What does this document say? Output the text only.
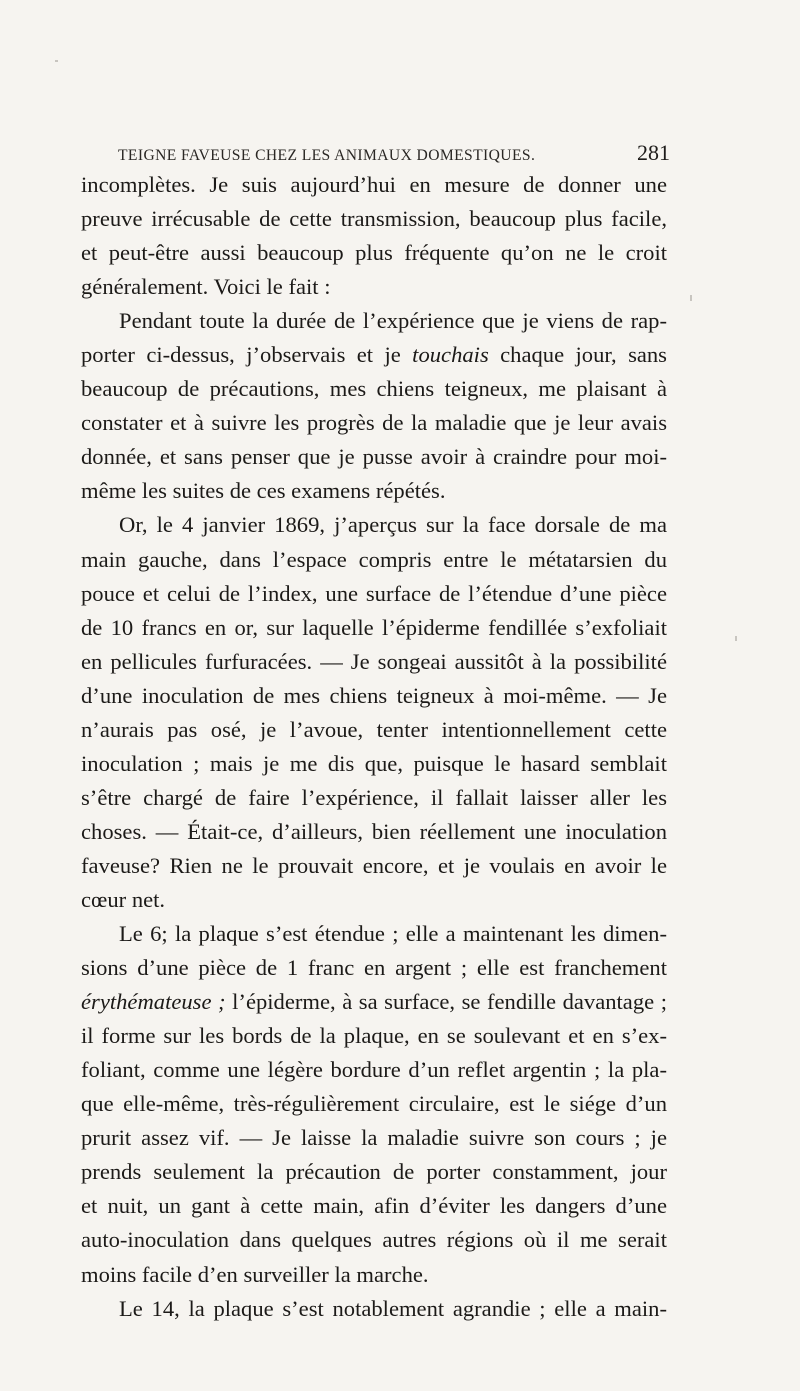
TEIGNE FAVEUSE CHEZ LES ANIMAUX DOMESTIQUES.	281
incomplètes. Je suis aujourd’hui en mesure de donner une
preuve irrécusable de cette transmission, beaucoup plus facile,
et peut-être aussi beaucoup plus fréquente qu’on ne le croit
généralement. Voici le fait :
Pendant toute la durée de l’expérience que je viens de rap-
porter ci-dessus, j’observais et je touchais chaque jour, sans
beaucoup de précautions, mes chiens teigneux, me plaisant à
constater et à suivre les progrès de la maladie que je leur avais
donnée, et sans penser que je pusse avoir à craindre pour moi-
même les suites de ces examens répétés.
Or, le 4 janvier 1869, j’aperçus sur la face dorsale de ma
main gauche, dans l’espace compris entre le métatarsien du
pouce et celui de l’index, une surface de l’étendue d’une pièce
de 10 francs en or, sur laquelle l’épiderme fendillée s’exfoliait
en pellicules furfuracées. — Je songeai aussitôt à la possibilité
d’une inoculation de mes chiens teigneux à moi-même. — Je
n’aurais pas osé, je l’avoue, tenter intentionnellement cette
inoculation ; mais je me dis que, puisque le hasard semblait
s’être chargé de faire l’expérience, il fallait laisser aller les
choses. — Était-ce, d’ailleurs, bien réellement une inoculation
faveuse? Rien ne le prouvait encore, et je voulais en avoir le
cœur net.
Le 6; la plaque s’est étendue ; elle a maintenant les dimen-
sions d’une pièce de 1 franc en argent ; elle est franchement
érythémateuse ; l’épiderme, à sa surface, se fendille davantage ;
il forme sur les bords de la plaque, en se soulevant et en s’ex-
foliant, comme une légère bordure d’un reflet argentin ; la pla-
que elle-même, très-régulièrement circulaire, est le siége d’un
prurit assez vif. — Je laisse la maladie suivre son cours ; je
prends seulement la précaution de porter constamment, jour
et nuit, un gant à cette main, afin d’éviter les dangers d’une
auto-inoculation dans quelques autres régions où il me serait
moins facile d’en surveiller la marche.
Le 14, la plaque s’est notablement agrandie ; elle a main-
